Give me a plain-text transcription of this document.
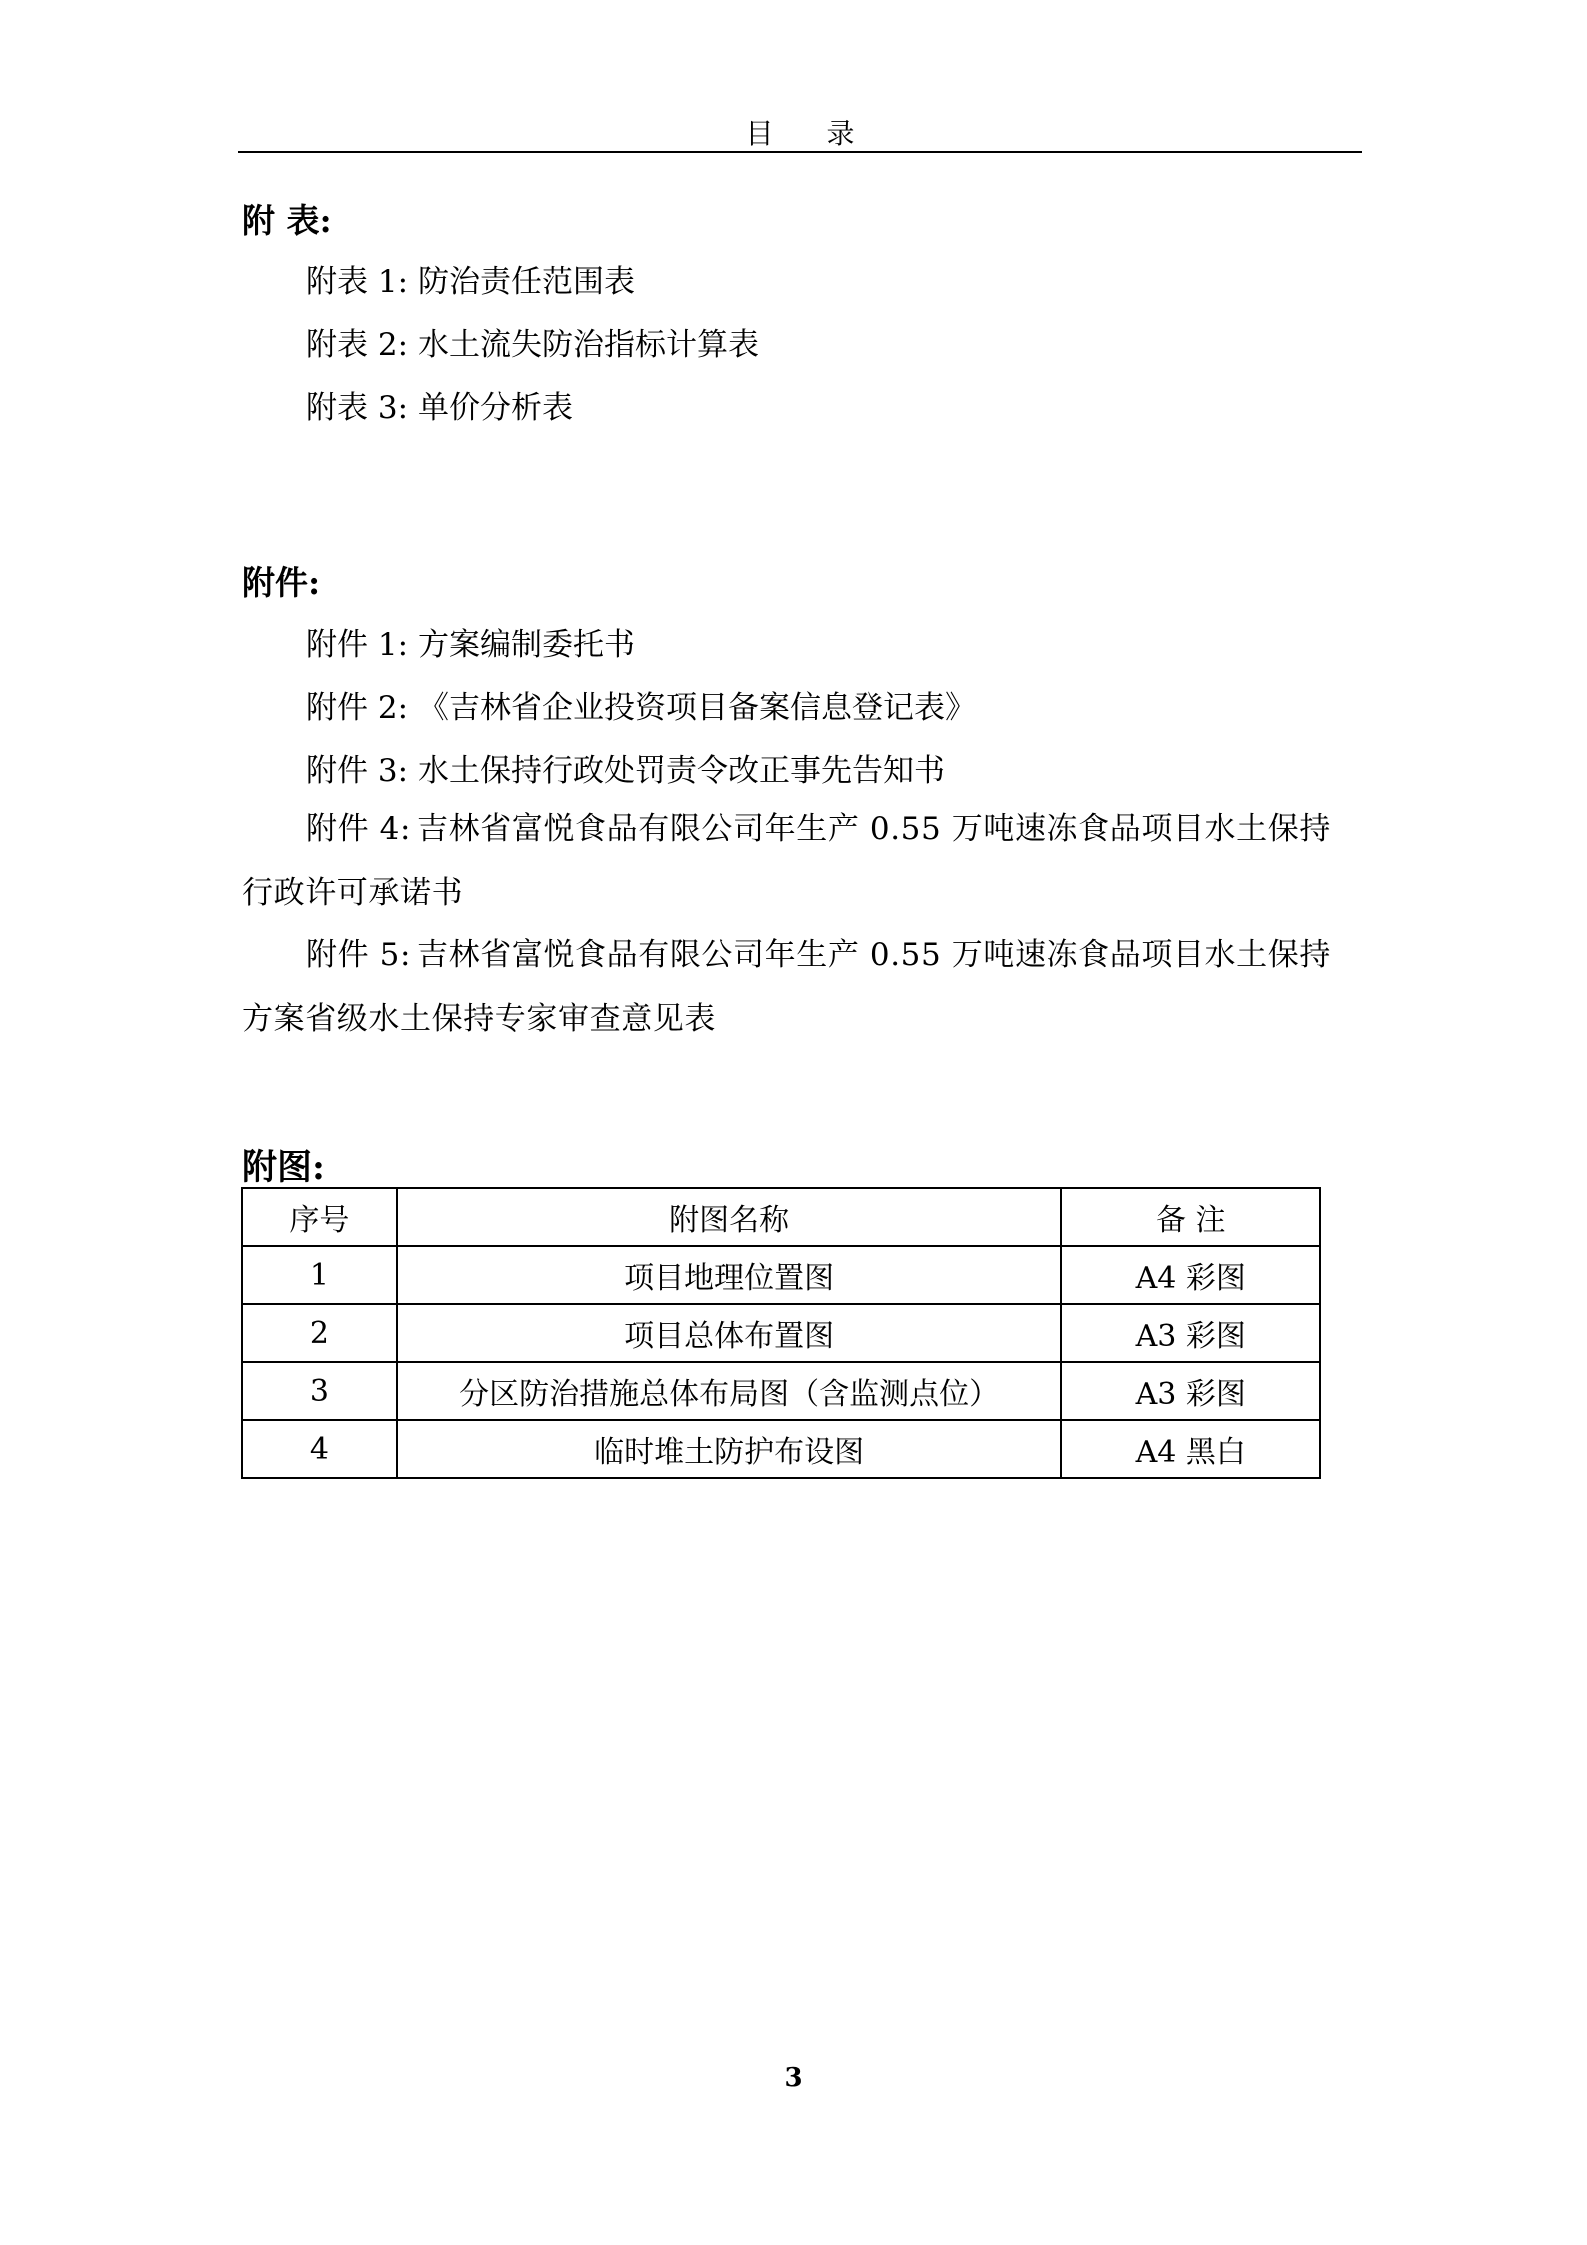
目 录
附 表:
附表 1: 防治责任范围表
附表 2: 水土流失防治指标计算表
附表 3: 单价分析表
附件:
附件 1: 方案编制委托书
附件 2: 《吉林省企业投资项目备案信息登记表》
附件 3: 水土保持行政处罚责令改正事先告知书
附件 4: 吉林省富悦食品有限公司年生产 0.55 万吨速冻食品项目水土保持行政许可承诺书
附件 5: 吉林省富悦食品有限公司年生产 0.55 万吨速冻食品项目水土保持方案省级水土保持专家审查意见表
附图:
序号	附图名称	备 注
1	项目地理位置图	A4 彩图
2	项目总体布置图	A3 彩图
3	分区防治措施总体布局图（含监测点位）	A3 彩图
4	临时堆土防护布设图	A4 黑白
3
